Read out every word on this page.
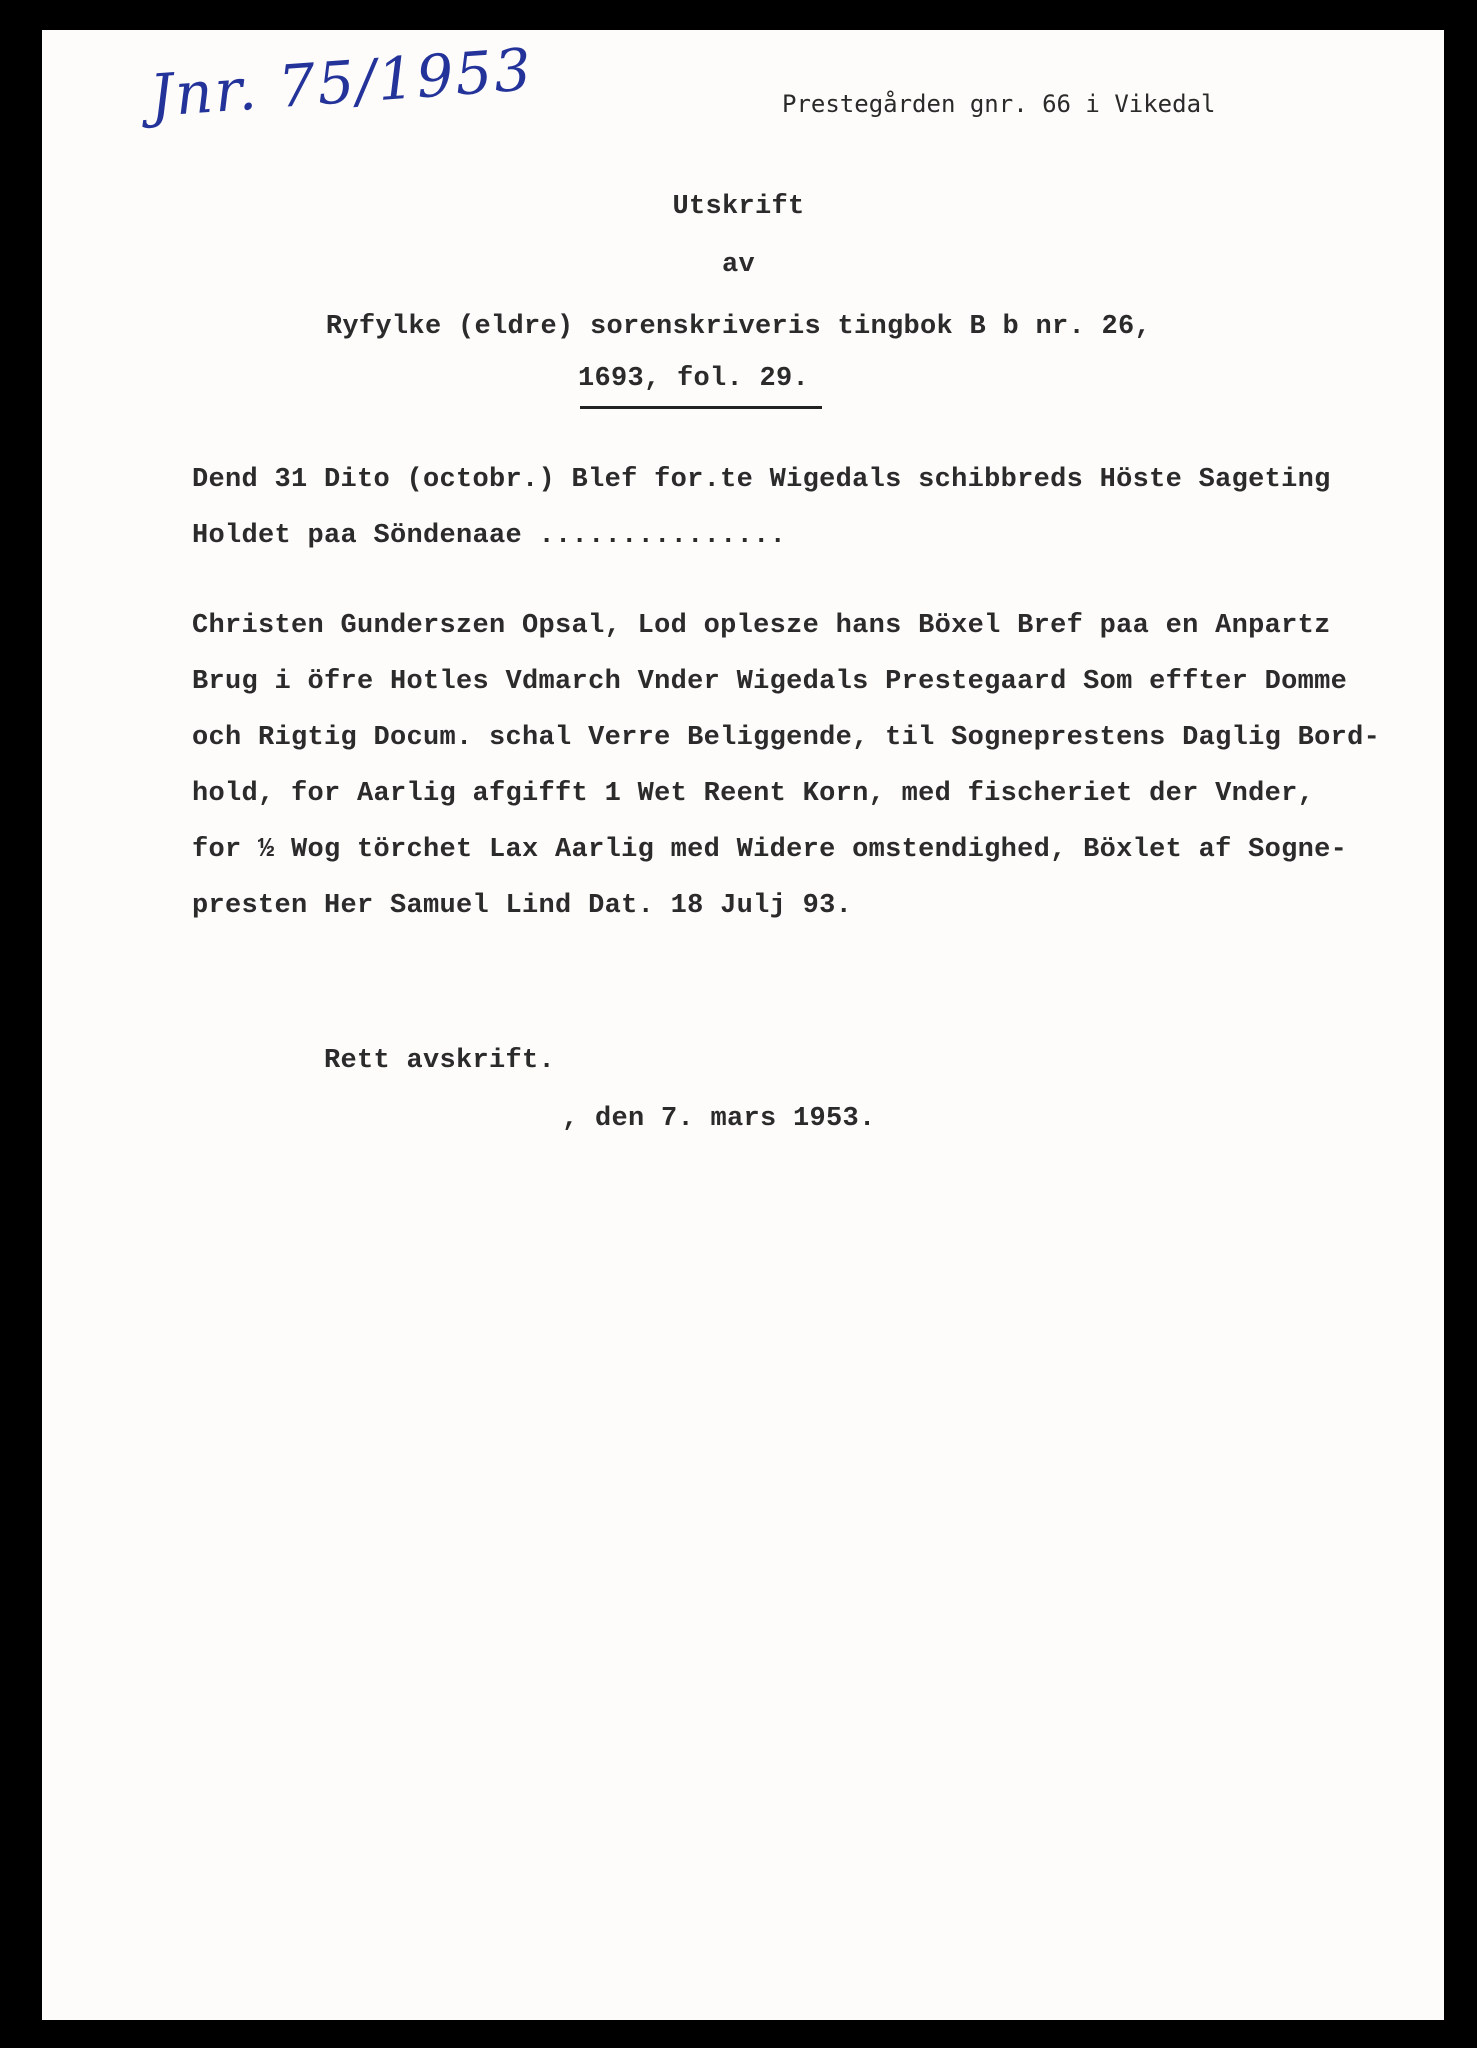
Jnr. 75/1953	Prestegården gnr. 66 i Vikedal
Utskrift
av
Ryfylke (eldre) sorenskriveris tingbok B b nr. 26,
1693, fol. 29.
Dend 31 Dito (octobr.) Blef for.te Wigedals schibbreds Höste Sageting
Holdet paa Söndenaae ...............
Christen Gunderszen Opsal, Lod oplesze hans Böxel Bref paa en Anpartz
Brug i öfre Hotles Vdmarch Vnder Wigedals Prestegaard Som effter Domme
och Rigtig Docum. schal Verre Beliggende, til Sogneprestens Daglig Bord-
hold, for Aarlig afgifft 1 Wet Reent Korn, med fischeriet der Vnder,
for ½ Wog törchet Lax Aarlig med Widere omstendighed, Böxlet af Sogne-
presten Her Samuel Lind Dat. 18 Julj 93.
Rett avskrift.
, den 7. mars 1953.
